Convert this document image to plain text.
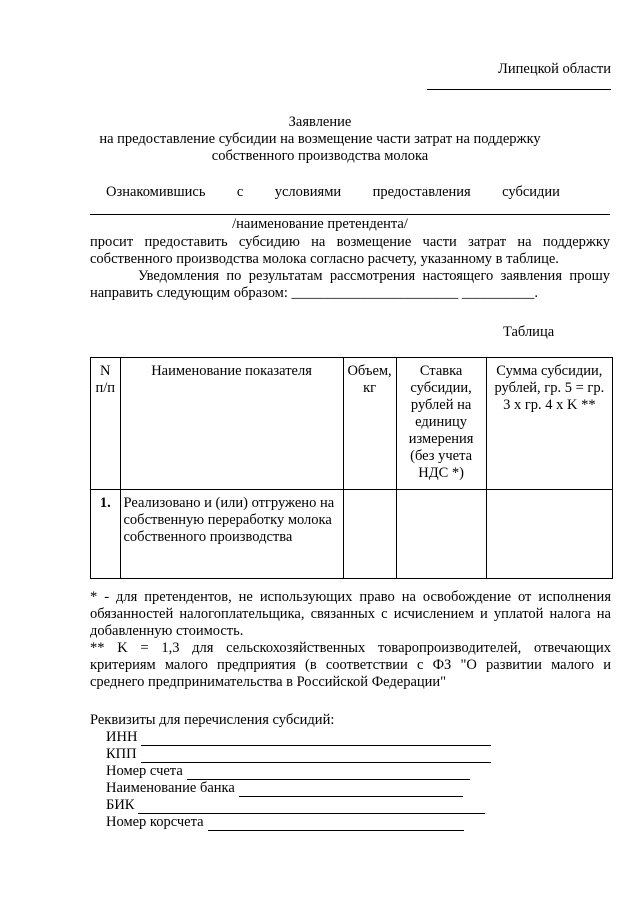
Липецкой области
Заявление
на предоставление субсидии на возмещение части затрат на поддержку
собственного производства молока
Ознакомившись с условиями предоставления субсидии
/наименование претендента/
просит предоставить субсидию на возмещение части затрат на поддержку
собственного производства молока согласно расчету, указанному в таблице.
Уведомления по результатам рассмотрения настоящего заявления прошу
направить следующим образом: _______________________ __________.
Таблица
N п/п	Наименование показателя	Объем, кг	Ставка субсидии, рублей на единицу измерения (без учета НДС *)	Сумма субсидии, рублей, гр. 5 = гр. 3 x гр. 4 x K **
1.	Реализовано и (или) отгружено на собственную переработку молока собственного производства			

* - для претендентов, не использующих право на освобождение от исполнения обязанностей налогоплательщика, связанных с исчислением и уплатой налога на добавленную стоимость.

** K = 1,3 для сельскохозяйственных товаропроизводителей, отвечающих критериям малого предприятия (в соответствии с ФЗ "О развитии малого и среднего предпринимательства в Российской Федерации"

Реквизиты для перечисления субсидий:
ИНН
КПП
Номер счета
Наименование банка
БИК
Номер корсчета
